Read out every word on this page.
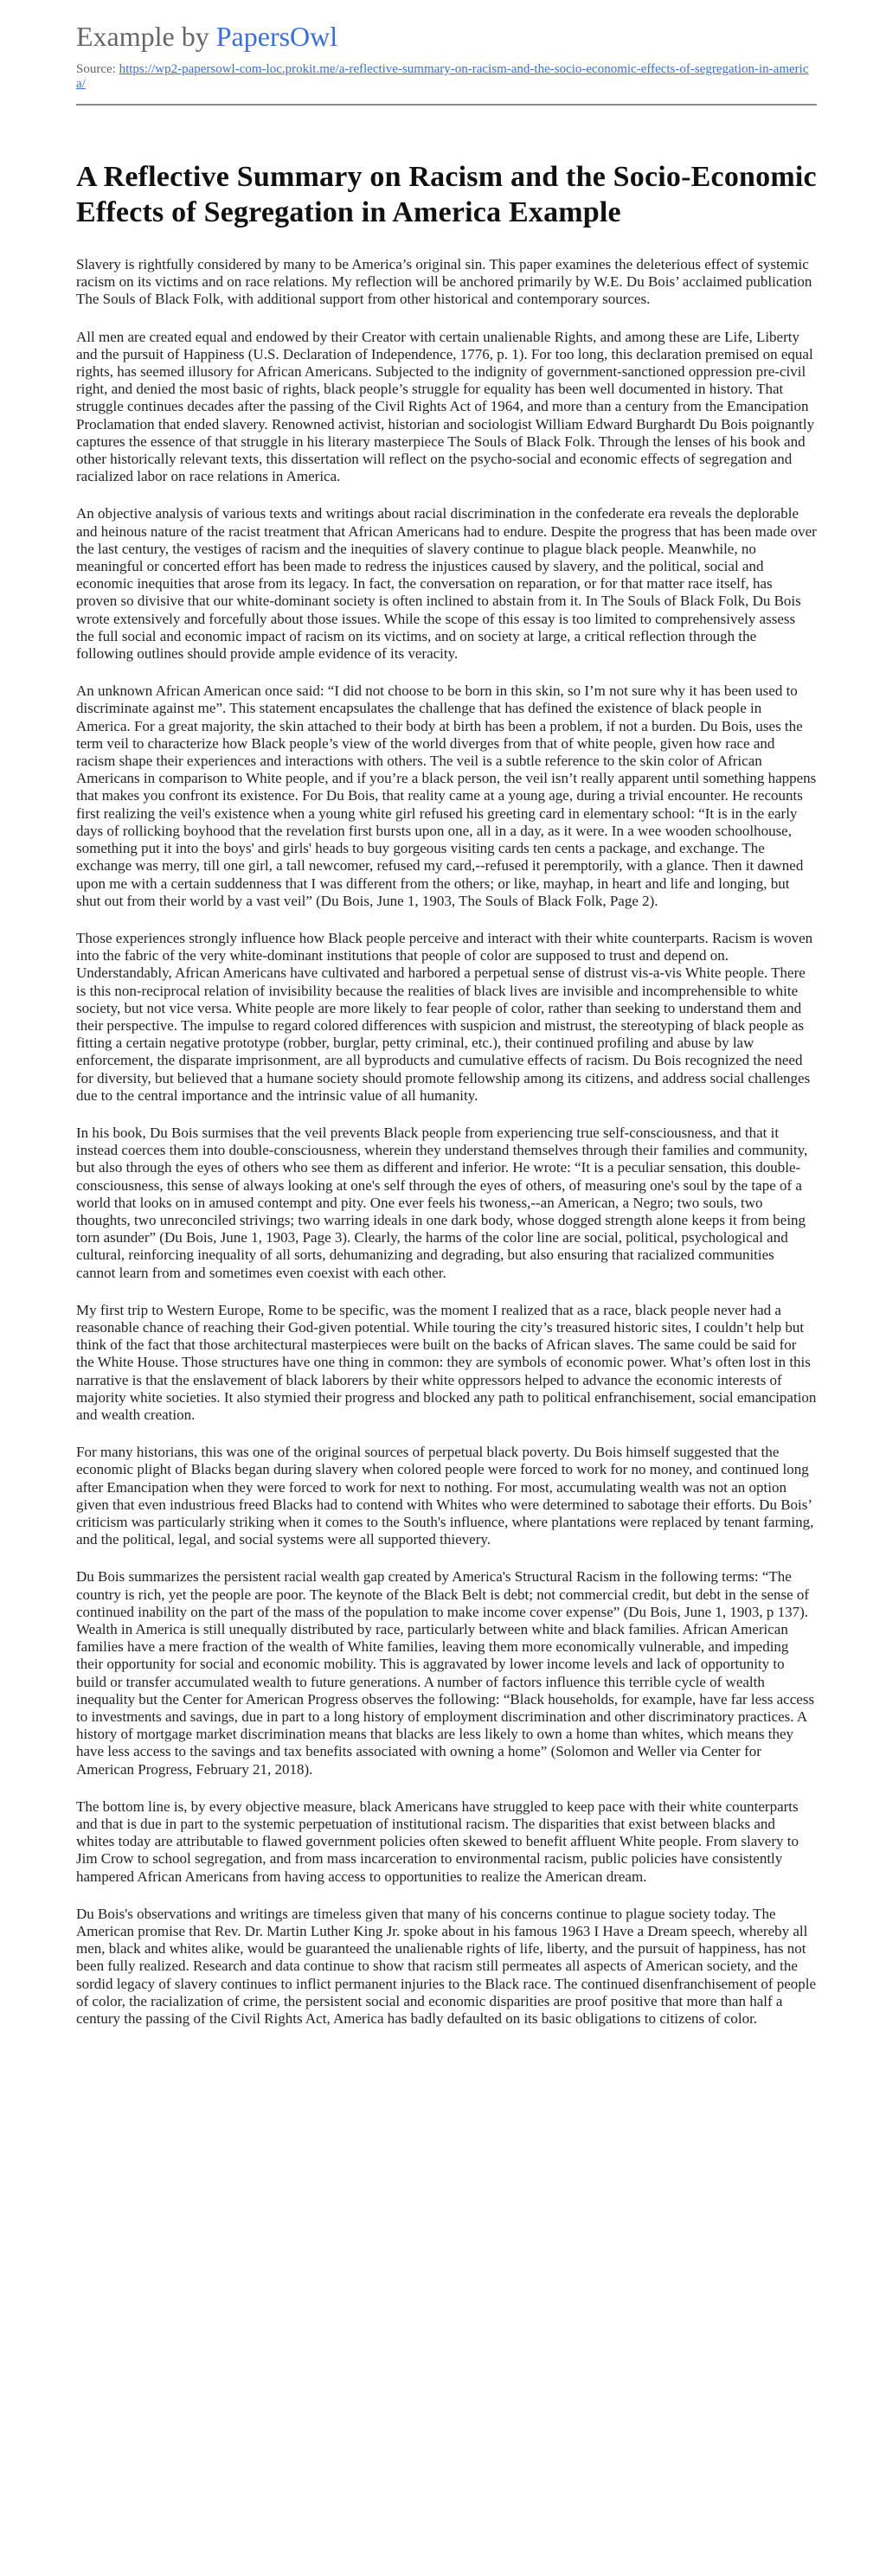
Example by PapersOwl
Source: https://wp2-papersowl-com-loc.prokit.me/a-reflective-summary-on-racism-and-the-socio-economic-effects-of-segregation-in-america/
A Reflective Summary on Racism and the Socio-Economic Effects of Segregation in America Example

Slavery is rightfully considered by many to be America’s original sin. This paper examines the deleterious effect of systemic racism on its victims and on race relations. My reflection will be anchored primarily by W.E. Du Bois’ acclaimed publication The Souls of Black Folk, with additional support from other historical and contemporary sources.

All men are created equal and endowed by their Creator with certain unalienable Rights, and among these are Life, Liberty and the pursuit of Happiness (U.S. Declaration of Independence, 1776, p. 1). For too long, this declaration premised on equal rights, has seemed illusory for African Americans. Subjected to the indignity of government-sanctioned oppression pre-civil right, and denied the most basic of rights, black people’s struggle for equality has been well documented in history. That struggle continues decades after the passing of the Civil Rights Act of 1964, and more than a century from the Emancipation Proclamation that ended slavery. Renowned activist, historian and sociologist William Edward Burghardt Du Bois poignantly captures the essence of that struggle in his literary masterpiece The Souls of Black Folk. Through the lenses of his book and other historically relevant texts, this dissertation will reflect on the psycho-social and economic effects of segregation and racialized labor on race relations in America.

An objective analysis of various texts and writings about racial discrimination in the confederate era reveals the deplorable and heinous nature of the racist treatment that African Americans had to endure. Despite the progress that has been made over the last century, the vestiges of racism and the inequities of slavery continue to plague black people. Meanwhile, no meaningful or concerted effort has been made to redress the injustices caused by slavery, and the political, social and economic inequities that arose from its legacy. In fact, the conversation on reparation, or for that matter race itself, has proven so divisive that our white-dominant society is often inclined to abstain from it. In The Souls of Black Folk, Du Bois wrote extensively and forcefully about those issues. While the scope of this essay is too limited to comprehensively assess the full social and economic impact of racism on its victims, and on society at large, a critical reflection through the following outlines should provide ample evidence of its veracity.

An unknown African American once said: “I did not choose to be born in this skin, so I’m not sure why it has been used to discriminate against me”. This statement encapsulates the challenge that has defined the existence of black people in America. For a great majority, the skin attached to their body at birth has been a problem, if not a burden. Du Bois, uses the term veil to characterize how Black people’s view of the world diverges from that of white people, given how race and racism shape their experiences and interactions with others. The veil is a subtle reference to the skin color of African Americans in comparison to White people, and if you’re a black person, the veil isn’t really apparent until something happens that makes you confront its existence. For Du Bois, that reality came at a young age, during a trivial encounter. He recounts first realizing the veil's existence when a young white girl refused his greeting card in elementary school: “It is in the early days of rollicking boyhood that the revelation first bursts upon one, all in a day, as it were. In a wee wooden schoolhouse, something put it into the boys' and girls' heads to buy gorgeous visiting cards ten cents a package, and exchange. The exchange was merry, till one girl, a tall newcomer, refused my card,--refused it peremptorily, with a glance. Then it dawned upon me with a certain suddenness that I was different from the others; or like, mayhap, in heart and life and longing, but shut out from their world by a vast veil” (Du Bois, June 1, 1903, The Souls of Black Folk, Page 2).

Those experiences strongly influence how Black people perceive and interact with their white counterparts. Racism is woven into the fabric of the very white-dominant institutions that people of color are supposed to trust and depend on. Understandably, African Americans have cultivated and harbored a perpetual sense of distrust vis-a-vis White people. There is this non-reciprocal relation of invisibility because the realities of black lives are invisible and incomprehensible to white society, but not vice versa. White people are more likely to fear people of color, rather than seeking to understand them and their perspective. The impulse to regard colored differences with suspicion and mistrust, the stereotyping of black people as fitting a certain negative prototype (robber, burglar, petty criminal, etc.), their continued profiling and abuse by law enforcement, the disparate imprisonment, are all byproducts and cumulative effects of racism. Du Bois recognized the need for diversity, but believed that a humane society should promote fellowship among its citizens, and address social challenges due to the central importance and the intrinsic value of all humanity.

In his book, Du Bois surmises that the veil prevents Black people from experiencing true self-consciousness, and that it instead coerces them into double-consciousness, wherein they understand themselves through their families and community, but also through the eyes of others who see them as different and inferior. He wrote: “It is a peculiar sensation, this double-consciousness, this sense of always looking at one's self through the eyes of others, of measuring one's soul by the tape of a world that looks on in amused contempt and pity. One ever feels his twoness,--an American, a Negro; two souls, two thoughts, two unreconciled strivings; two warring ideals in one dark body, whose dogged strength alone keeps it from being torn asunder” (Du Bois, June 1, 1903, Page 3). Clearly, the harms of the color line are social, political, psychological and cultural, reinforcing inequality of all sorts, dehumanizing and degrading, but also ensuring that racialized communities cannot learn from and sometimes even coexist with each other.

My first trip to Western Europe, Rome to be specific, was the moment I realized that as a race, black people never had a reasonable chance of reaching their God-given potential. While touring the city’s treasured historic sites, I couldn’t help but think of the fact that those architectural masterpieces were built on the backs of African slaves. The same could be said for the White House. Those structures have one thing in common: they are symbols of economic power. What’s often lost in this narrative is that the enslavement of black laborers by their white oppressors helped to advance the economic interests of majority white societies. It also stymied their progress and blocked any path to political enfranchisement, social emancipation and wealth creation.

For many historians, this was one of the original sources of perpetual black poverty. Du Bois himself suggested that the economic plight of Blacks began during slavery when colored people were forced to work for no money, and continued long after Emancipation when they were forced to work for next to nothing. For most, accumulating wealth was not an option given that even industrious freed Blacks had to contend with Whites who were determined to sabotage their efforts. Du Bois’ criticism was particularly striking when it comes to the South's influence, where plantations were replaced by tenant farming, and the political, legal, and social systems were all supported thievery.

Du Bois summarizes the persistent racial wealth gap created by America's Structural Racism in the following terms: “The country is rich, yet the people are poor. The keynote of the Black Belt is debt; not commercial credit, but debt in the sense of continued inability on the part of the mass of the population to make income cover expense” (Du Bois, June 1, 1903, p 137). Wealth in America is still unequally distributed by race, particularly between white and black families. African American families have a mere fraction of the wealth of White families, leaving them more economically vulnerable, and impeding their opportunity for social and economic mobility. This is aggravated by lower income levels and lack of opportunity to build or transfer accumulated wealth to future generations. A number of factors influence this terrible cycle of wealth inequality but the Center for American Progress observes the following: “Black households, for example, have far less access to investments and savings, due in part to a long history of employment discrimination and other discriminatory practices. A history of mortgage market discrimination means that blacks are less likely to own a home than whites, which means they have less access to the savings and tax benefits associated with owning a home” (Solomon and Weller via Center for American Progress, February 21, 2018).

The bottom line is, by every objective measure, black Americans have struggled to keep pace with their white counterparts and that is due in part to the systemic perpetuation of institutional racism. The disparities that exist between blacks and whites today are attributable to flawed government policies often skewed to benefit affluent White people. From slavery to Jim Crow to school segregation, and from mass incarceration to environmental racism, public policies have consistently hampered African Americans from having access to opportunities to realize the American dream.

Du Bois's observations and writings are timeless given that many of his concerns continue to plague society today. The American promise that Rev. Dr. Martin Luther King Jr. spoke about in his famous 1963 I Have a Dream speech, whereby all men, black and whites alike, would be guaranteed the unalienable rights of life, liberty, and the pursuit of happiness, has not been fully realized. Research and data continue to show that racism still permeates all aspects of American society, and the sordid legacy of slavery continues to inflict permanent injuries to the Black race. The continued disenfranchisement of people of color, the racialization of crime, the persistent social and economic disparities are proof positive that more than half a century the passing of the Civil Rights Act, America has badly defaulted on its basic obligations to citizens of color.
